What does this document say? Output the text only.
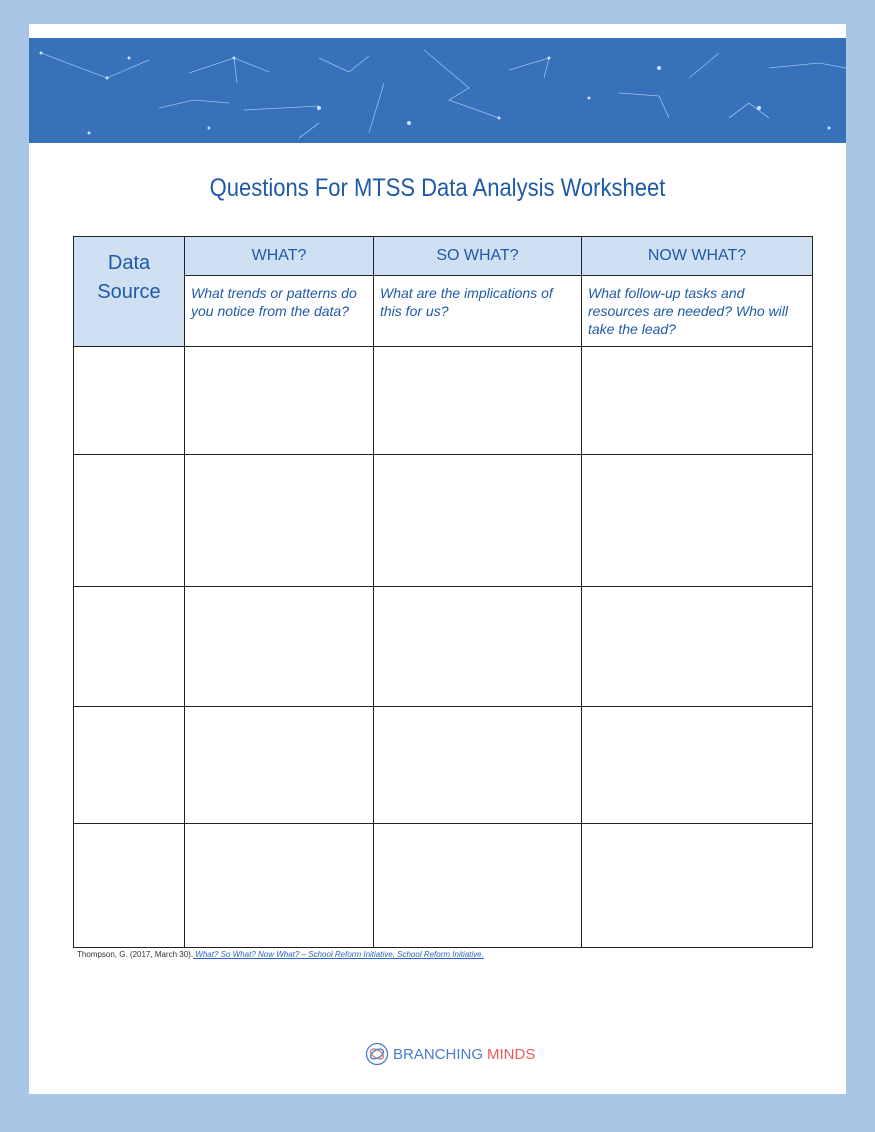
Questions For MTSS Data Analysis Worksheet
Data Source	WHAT?	SO WHAT?	NOW WHAT?
	What trends or patterns do you notice from the data?	What are the implications of this for us?	What follow-up tasks and resources are needed? Who will take the lead?

Thompson, G. (2017, March 30). What? So What? Now What? – School Reform Initiative. School Reform Initiative.
BRANCHING MINDS
